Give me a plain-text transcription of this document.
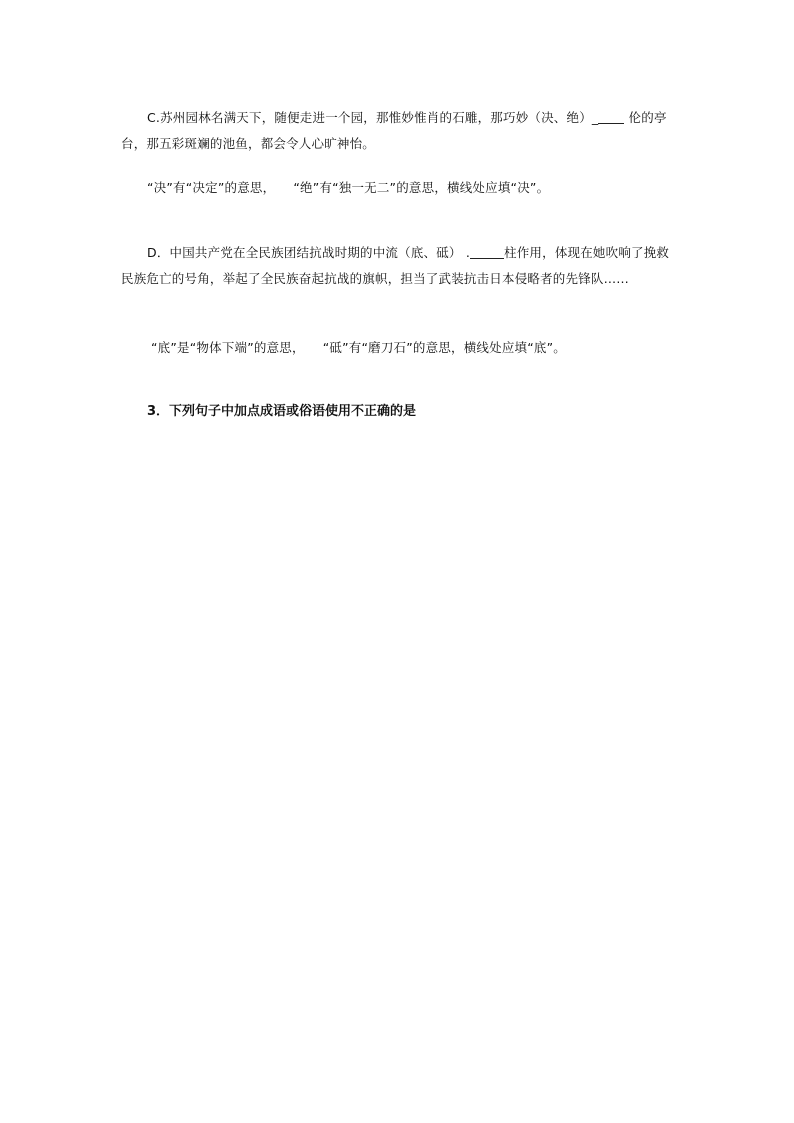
C.苏州园林名满天下，随便走进一个园，那惟妙惟肖的石雕，那巧妙（决、绝）_ 伦的亭台，那五彩斑斓的池鱼，都会令人心旷神怡。
“决”有“决定”的意思， “绝”有“独一无二”的意思，横线处应填“决”。
D．中国共产党在全民族团结抗战时期的中流（底、砥） .	柱作用，体现在她吹响了挽救民族危亡的号角，举起了全民族奋起抗战的旗帜，担当了武装抗击日本侵略者的先锋队……
“底”是“物体下端”的意思， “砥”有“磨刀石”的意思，横线处应填“底”。
3．下列句子中加点成语或俗语使用不正确的是
